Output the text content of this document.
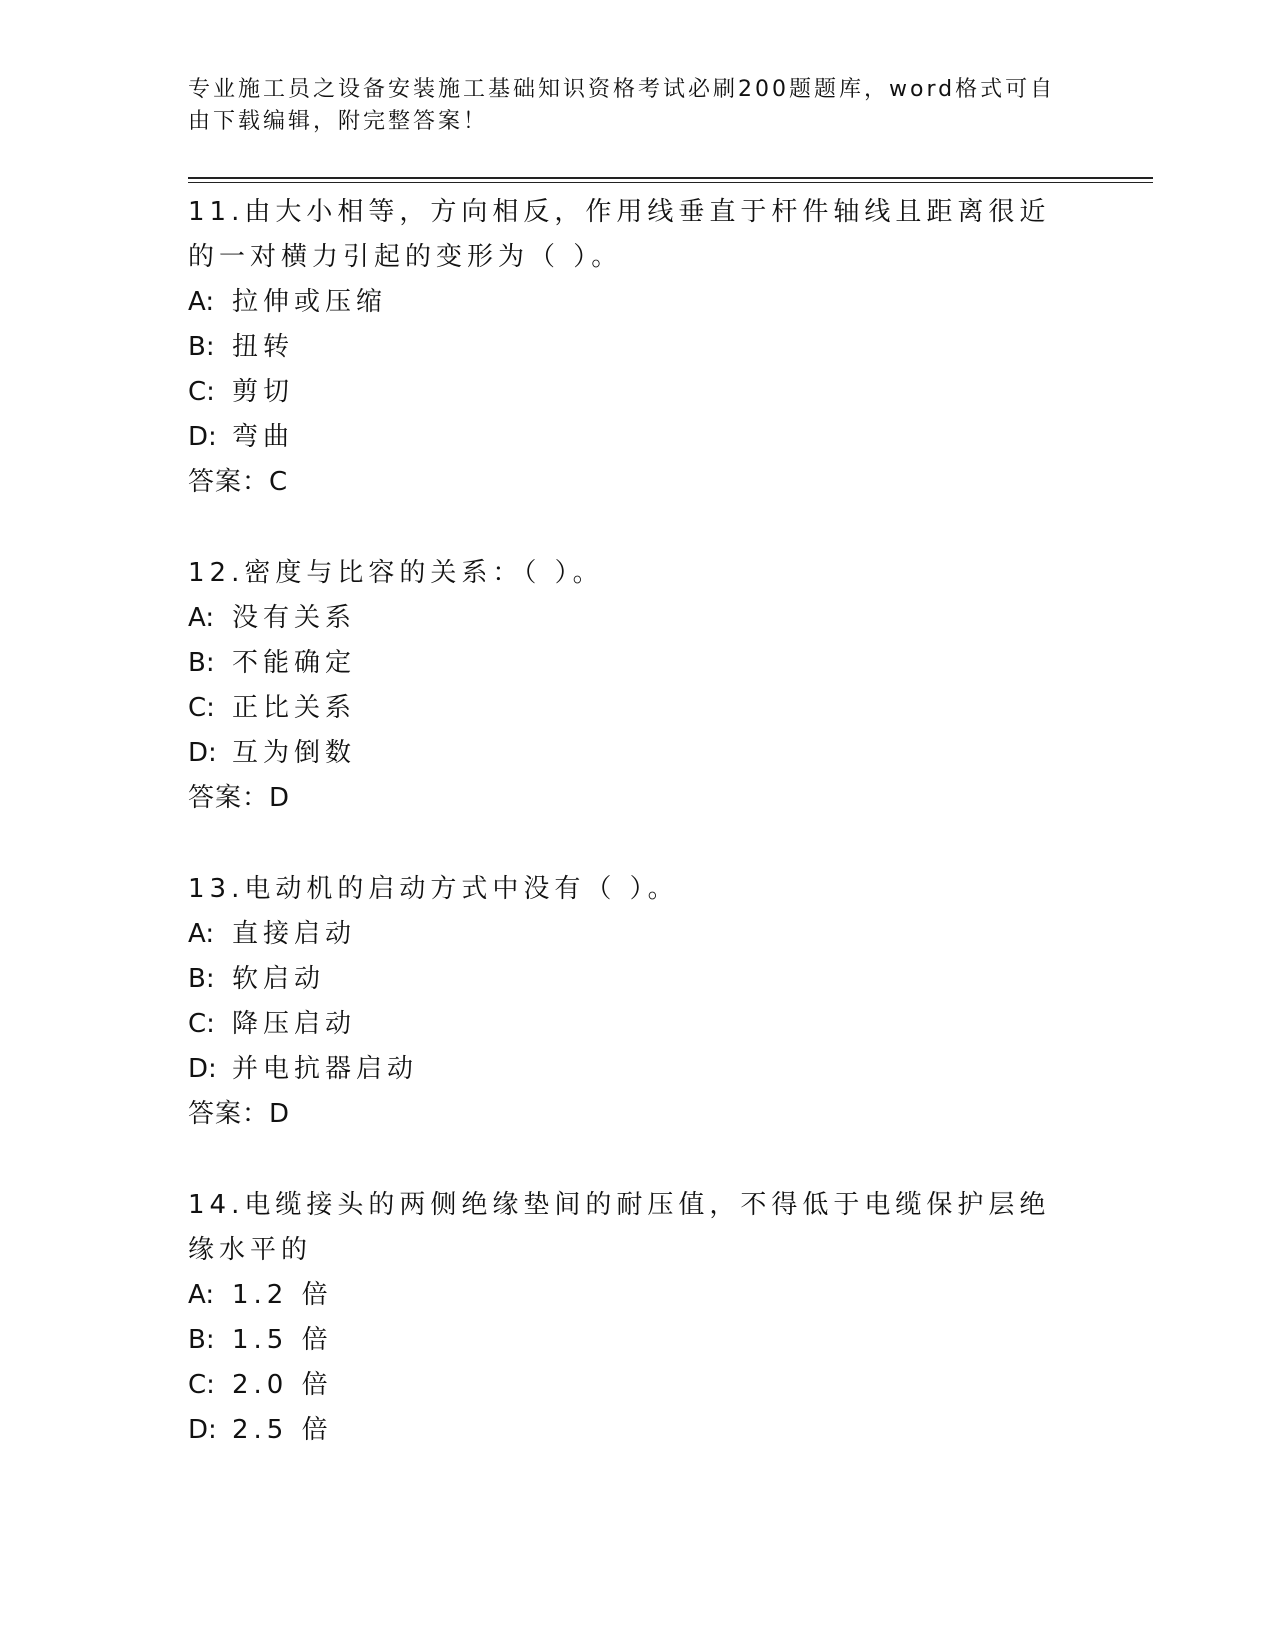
专业施工员之设备安装施工基础知识资格考试必刷200题题库，word格式可自由下载编辑，附完整答案！

11.由大小相等，方向相反，作用线垂直于杆件轴线且距离很近的一对横力引起的变形为（ ）。

A: 拉伸或压缩

B: 扭转

C: 剪切

D: 弯曲

答案：C

12.密度与比容的关系：（ ）。

A: 没有关系

B: 不能确定

C: 正比关系

D: 互为倒数

答案：D

13.电动机的启动方式中没有（ ）。

A: 直接启动

B: 软启动

C: 降压启动

D: 并电抗器启动

答案：D

14.电缆接头的两侧绝缘垫间的耐压值，不得低于电缆保护层绝缘水平的

A: 1.2 倍

B: 1.5 倍

C: 2.0 倍

D: 2.5 倍
